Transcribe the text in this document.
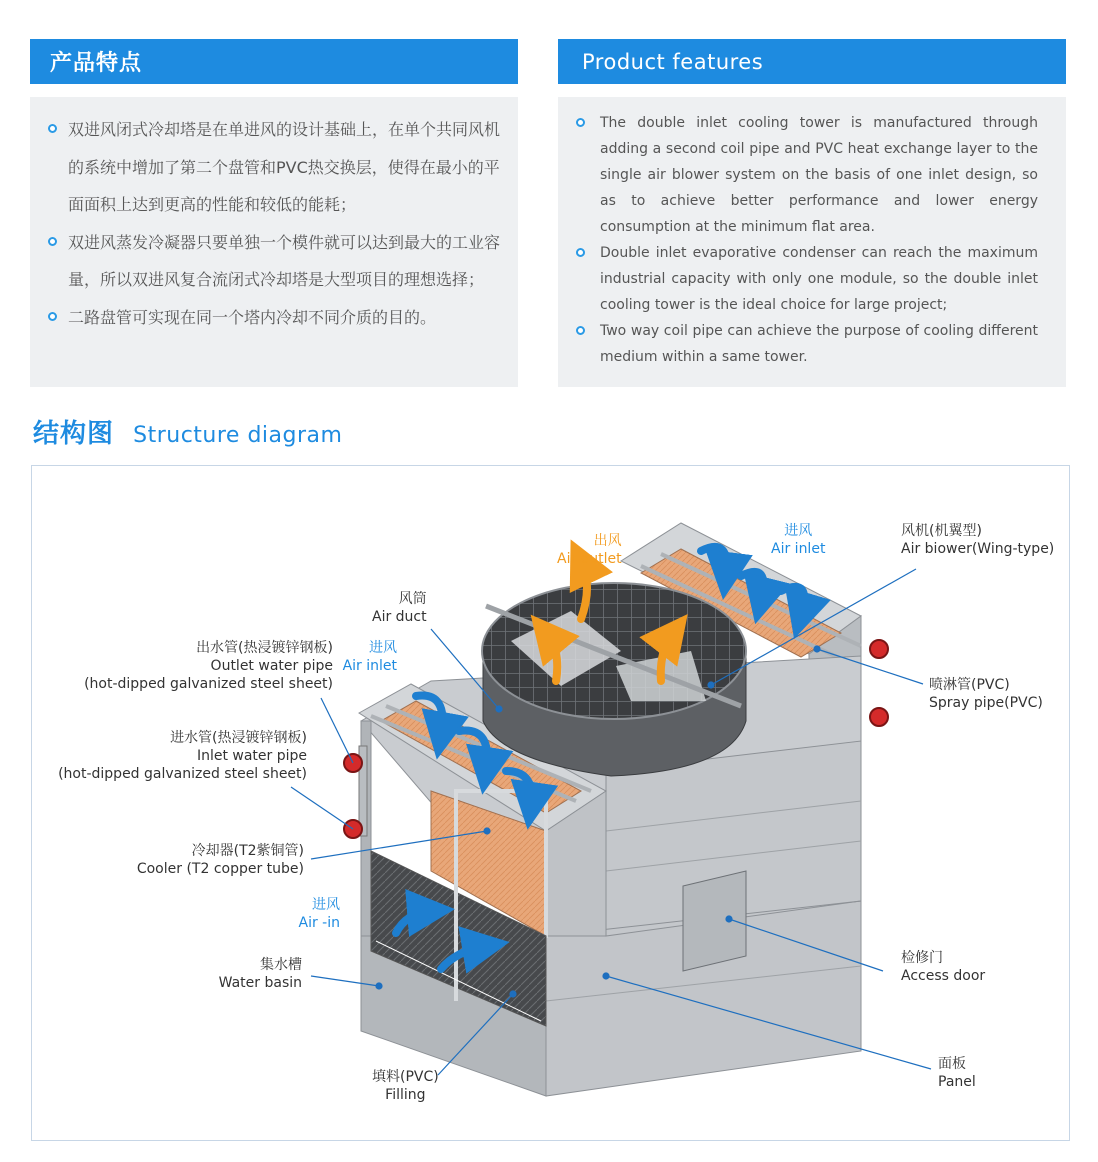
产品特点
双进风闭式冷却塔是在单进风的设计基础上，在单个共同风机的系统中增加了第二个盘管和PVC热交换层，使得在最小的平面面积上达到更高的性能和较低的能耗；
双进风蒸发冷凝器只要单独一个模件就可以达到最大的工业容量，所以双进风复合流闭式冷却塔是大型项目的理想选择；
二路盘管可实现在同一个塔内冷却不同介质的目的。
Product features
The double inlet cooling tower is manufactured through adding a second coil pipe and PVC heat exchange layer to the single air blower system on the basis of one inlet design, so as to achieve better performance and lower energy consumption at the minimum flat area.
Double inlet evaporative condenser can reach the maximum industrial capacity with only one module, so the double inlet cooling tower is the ideal choice for large project;
Two way coil pipe can achieve the purpose of cooling different medium within a same tower.
结构图 Structure diagram
出风
Air outlet
进风
Air inlet
风机(机翼型)
Air biower(Wing-type)
风筒
Air duct
出水管(热浸镀锌钢板)
Outlet water pipe
(hot-dipped galvanized steel sheet)
进风
Air inlet
喷淋管(PVC)
Spray pipe(PVC)
进水管(热浸镀锌钢板)
Inlet water pipe
(hot-dipped galvanized steel sheet)
冷却器(T2紫铜管)
Cooler (T2 copper tube)
进风
Air -in
集水槽
Water basin
检修门
Access door
面板
Panel
填料(PVC)
Filling
